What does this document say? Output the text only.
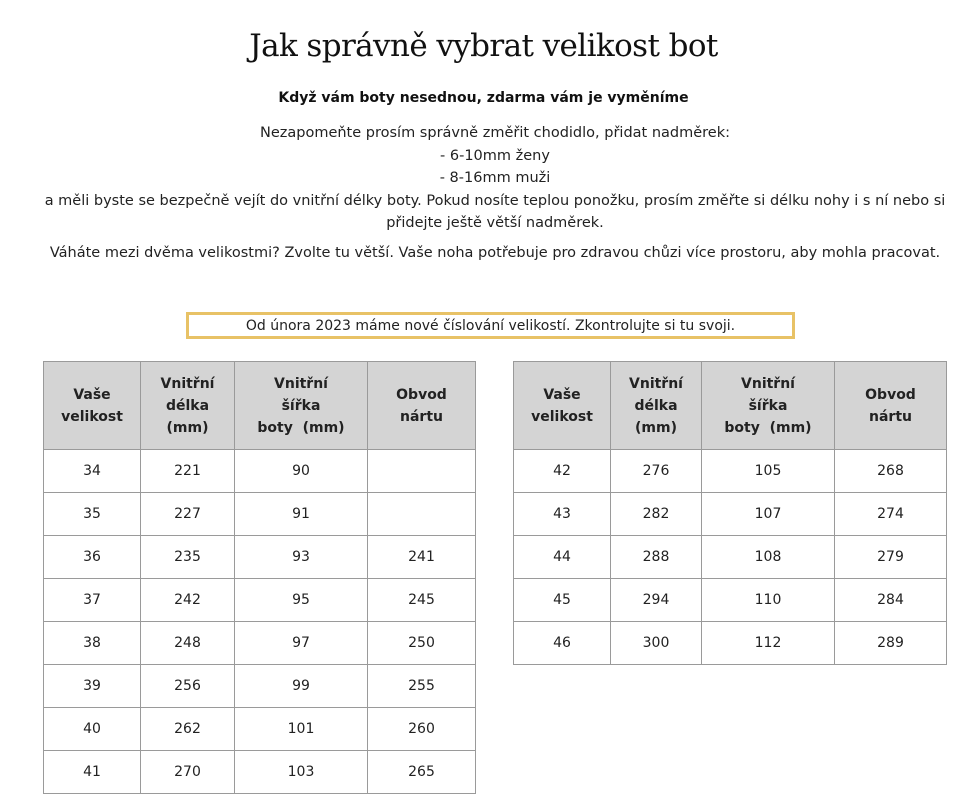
Jak správně vybrat velikost bot
Když vám boty nesednou, zdarma vám je vyměníme
Nezapomeňte prosím správně změřit chodidlo, přidat nadměrek:
- 6-10mm ženy
- 8-16mm muži
a měli byste se bezpečně vejít do vnitřní délky boty. Pokud nosíte teplou ponožku, prosím změřte si délku nohy i s ní nebo si přidejte ještě větší nadměrek.
Váháte mezi dvěma velikostmi? Zvolte tu větší. Vaše noha potřebuje pro zdravou chůzi více prostoru, aby mohla pracovat.
Od února 2023 máme nové číslování velikostí. Zkontrolujte si tu svoji.
Vaše
velikost	Vnitřní
délka
(mm)	Vnitřní
šířka
boty  (mm)	Obvod
nártu
34	221	90	
35	227	91	
36	235	93	241
37	242	95	245
38	248	97	250
39	256	99	255
40	262	101	260
41	270	103	265
Vaše
velikost	Vnitřní
délka
(mm)	Vnitřní
šířka
boty  (mm)	Obvod
nártu
42	276	105	268
43	282	107	274
44	288	108	279
45	294	110	284
46	300	112	289
